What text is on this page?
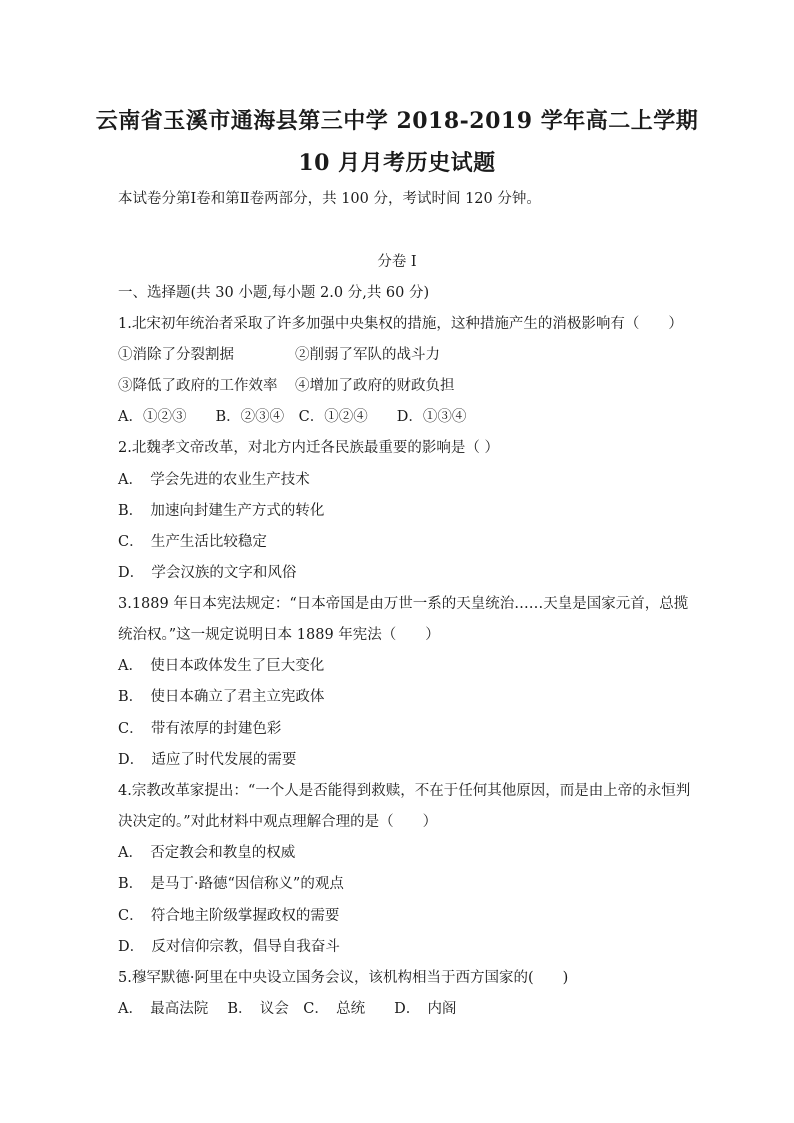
云南省玉溪市通海县第三中学 2018-2019 学年高二上学期
10 月月考历史试题
本试卷分第Ⅰ卷和第Ⅱ卷两部分，共 100 分，考试时间 120 分钟。
分卷 I
一、选择题(共 30 小题,每小题 2.0 分,共 60 分)
1.北宋初年统治者采取了许多加强中央集权的措施，这种措施产生的消极影响有（　　）
①消除了分裂割据	②削弱了军队的战斗力
③降低了政府的工作效率 ④增加了政府的财政负担
A．①②③　　B．②③④　C．①②④　　D．①③④
2.北魏孝文帝改革，对北方内迁各民族最重要的影响是（ ）
A．　学会先进的农业生产技术
B．　加速向封建生产方式的转化
C．　生产生活比较稳定
D．　学会汉族的文字和风俗
3.1889 年日本宪法规定：“日本帝国是由万世一系的天皇统治……天皇是国家元首，总揽
统治权。”这一规定说明日本 1889 年宪法（　　）
A．　使日本政体发生了巨大变化
B．　使日本确立了君主立宪政体
C．　带有浓厚的封建色彩
D．　适应了时代发展的需要
4.宗教改革家提出：“一个人是否能得到救赎，不在于任何其他原因，而是由上帝的永恒判
决决定的。”对此材料中观点理解合理的是（　　）
A．　否定教会和教皇的权威
B．　是马丁·路德“因信称义”的观点
C．　符合地主阶级掌握政权的需要
D．　反对信仰宗教，倡导自我奋斗
5.穆罕默德·阿里在中央设立国务会议，该机构相当于西方国家的(　　)
A．　最高法院　 B．　议会　C．　总统　　D．　内阁
